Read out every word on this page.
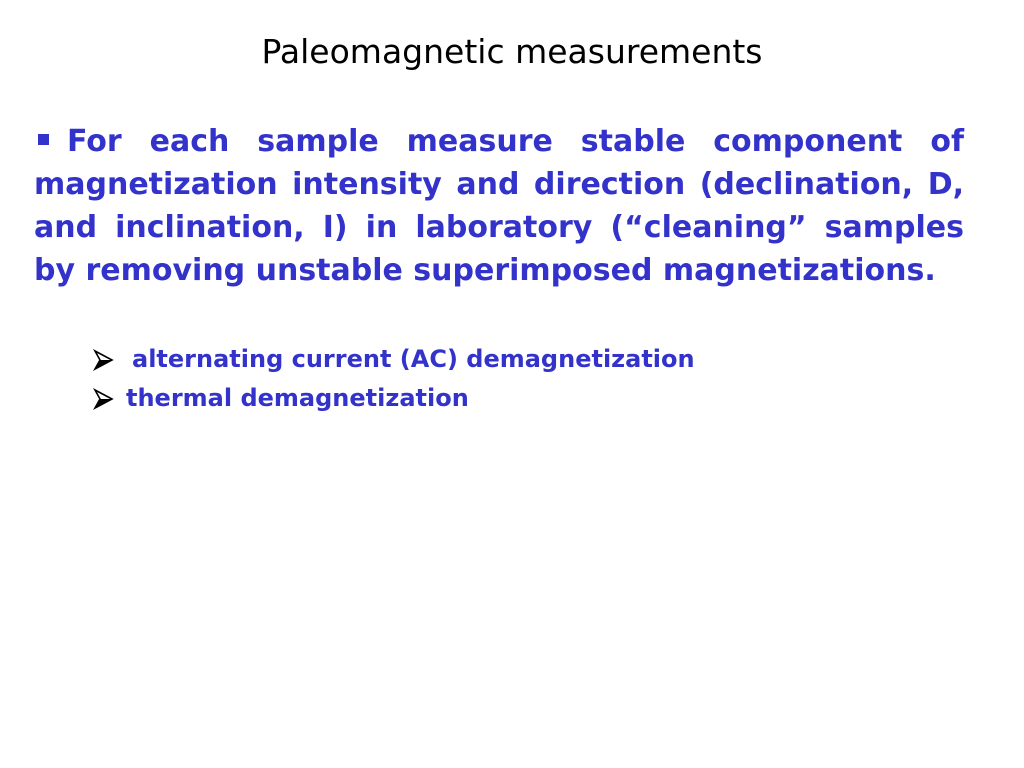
Paleomagnetic measurements
For each sample measure stable component of magnetization intensity and direction (declination, D, and inclination, I) in laboratory (“cleaning” samples by removing unstable superimposed magnetizations.
alternating current (AC) demagnetization
thermal demagnetization
